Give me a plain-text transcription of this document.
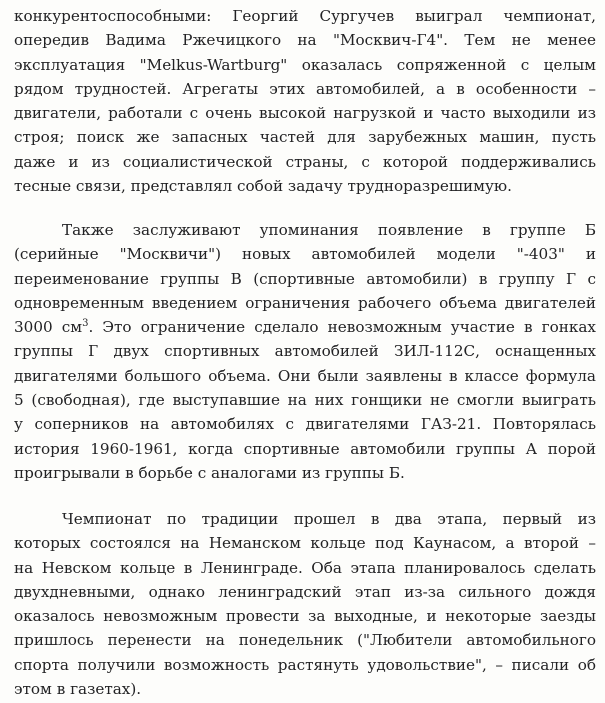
конкурентоспособными: Георгий Сургучев выиграл чемпионат,
опередив Вадима Ржечицкого на "Москвич-Г4". Тем не менее
эксплуатация "Melkus-Wartburg" оказалась сопряженной с целым
рядом трудностей. Агрегаты этих автомобилей, а в особенности –
двигатели, работали с очень высокой нагрузкой и часто выходили из
строя; поиск же запасных частей для зарубежных машин, пусть
даже и из социалистической страны, с которой поддерживались
тесные связи, представлял собой задачу трудноразрешимую.
Также заслуживают упоминания появление в группе Б
(серийные "Москвичи") новых автомобилей модели "-403" и
переименование группы В (спортивные автомобили) в группу Г с
одновременным введением ограничения рабочего объема двигателей
3000 $см^3$. Это ограничение сделало невозможным участие в гонках
группы Г двух спортивных автомобилей ЗИЛ-112С, оснащенных
двигателями большого объема. Они были заявлены в классе формула
5 (свободная), где выступавшие на них гонщики не смогли выиграть
у соперников на автомобилях с двигателями ГАЗ-21. Повторялась
история 1960-1961, когда спортивные автомобили группы А порой
проигрывали в борьбе с аналогами из группы Б.
Чемпионат по традиции прошел в два этапа, первый из
которых состоялся на Неманском кольце под Каунасом, а второй –
на Невском кольце в Ленинграде. Оба этапа планировалось сделать
двухдневными, однако ленинградский этап из-за сильного дождя
оказалось невозможным провести за выходные, и некоторые заезды
пришлось перенести на понедельник ("Любители автомобильного
спорта получили возможность растянуть удовольствие", – писали об
этом в газетах).
